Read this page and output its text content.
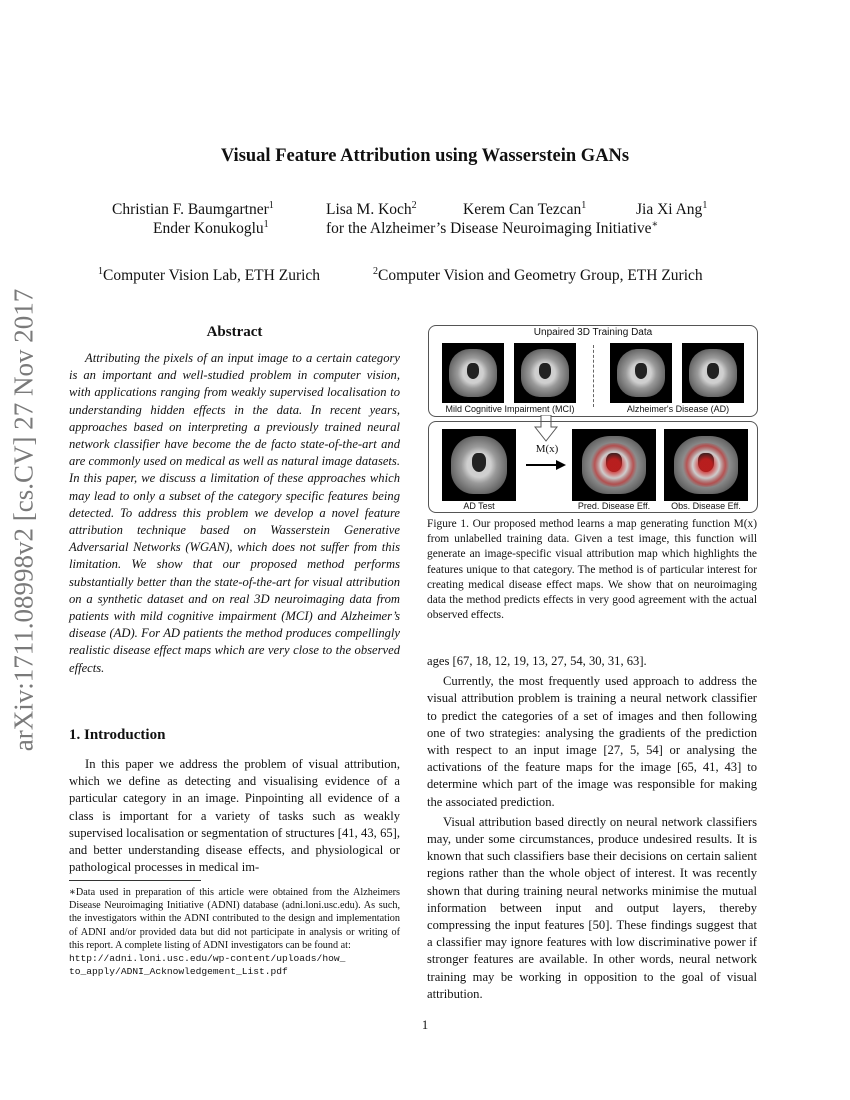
arXiv:1711.08998v2 [cs.CV] 27 Nov 2017
Visual Feature Attribution using Wasserstein GANs
Christian F. Baumgartner$^1$	Lisa M. Koch$^2$	Kerem Can Tezcan$^1$	Jia Xi Ang$^1$
Ender Konukoglu$^1$	for the Alzheimer’s Disease Neuroimaging Initiative∗
$^1$Computer Vision Lab, ETH Zurich	$^2$Computer Vision and Geometry Group, ETH Zurich
Abstract

Attributing the pixels of an input image to a certain category is an important and well-studied problem in computer vision, with applications ranging from weakly supervised localisation to understanding hidden effects in the data. In recent years, approaches based on interpreting a previously trained neural network classifier have become the de facto state-of-the-art and are commonly used on medical as well as natural image datasets. In this paper, we discuss a limitation of these approaches which may lead to only a subset of the category specific features being detected. To address this problem we develop a novel feature attribution technique based on Wasserstein Generative Adversarial Networks (WGAN), which does not suffer from this limitation. We show that our proposed method performs substantially better than the state-of-the-art for visual attribution on a synthetic dataset and on real 3D neuroimaging data from patients with mild cognitive impairment (MCI) and Alzheimer’s disease (AD). For AD patients the method produces compellingly realistic disease effect maps which are very close to the observed effects.

1. Introduction

In this paper we address the problem of visual attribution, which we define as detecting and visualising evidence of a particular category in an image. Pinpointing all evidence of a class is important for a variety of tasks such as weakly supervised localisation or segmentation of structures [41, 43, 65], and better understanding disease effects, and physiological or pathological processes in medical im-

∗Data used in preparation of this article were obtained from the Alzheimers Disease Neuroimaging Initiative (ADNI) database (adni.loni.usc.edu). As such, the investigators within the ADNI contributed to the design and implementation of ADNI and/or provided data but did not participate in analysis or writing of this report. A complete listing of ADNI investigators can be found at:
http://adni.loni.usc.edu/wp-content/uploads/how_
to_apply/ADNI_Acknowledgement_List.pdf
Unpaired 3D Training Data
Mild Cognitive Impairment (MCI)	Alzheimer's Disease (AD)
M(x)
AD Test	Pred. Disease Eff.	Obs. Disease Eff.
Figure 1. Our proposed method learns a map generating function M(x) from unlabelled training data. Given a test image, this function will generate an image-specific visual attribution map which highlights the features unique to that category. The method is of particular interest for creating medical disease effect maps. We show that on neuroimaging data the method predicts effects in very good agreement with the actual observed effects.

ages [67, 18, 12, 19, 13, 27, 54, 30, 31, 63].

Currently, the most frequently used approach to address the visual attribution problem is training a neural network classifier to predict the categories of a set of images and then following one of two strategies: analysing the gradients of the prediction with respect to an input image [27, 5, 54] or analysing the activations of the feature maps for the image [65, 41, 43] to determine which part of the image was responsible for making the associated prediction.

Visual attribution based directly on neural network classifiers may, under some circumstances, produce undesired results. It is known that such classifiers base their decisions on certain salient regions rather than the whole object of interest. It was recently shown that during training neural networks minimise the mutual information between input and output layers, thereby compressing the input features [50]. These findings suggest that a classifier may ignore features with low discriminative power if stronger features are available. In other words, neural network training may be working in opposition to the goal of visual attribution.

1
